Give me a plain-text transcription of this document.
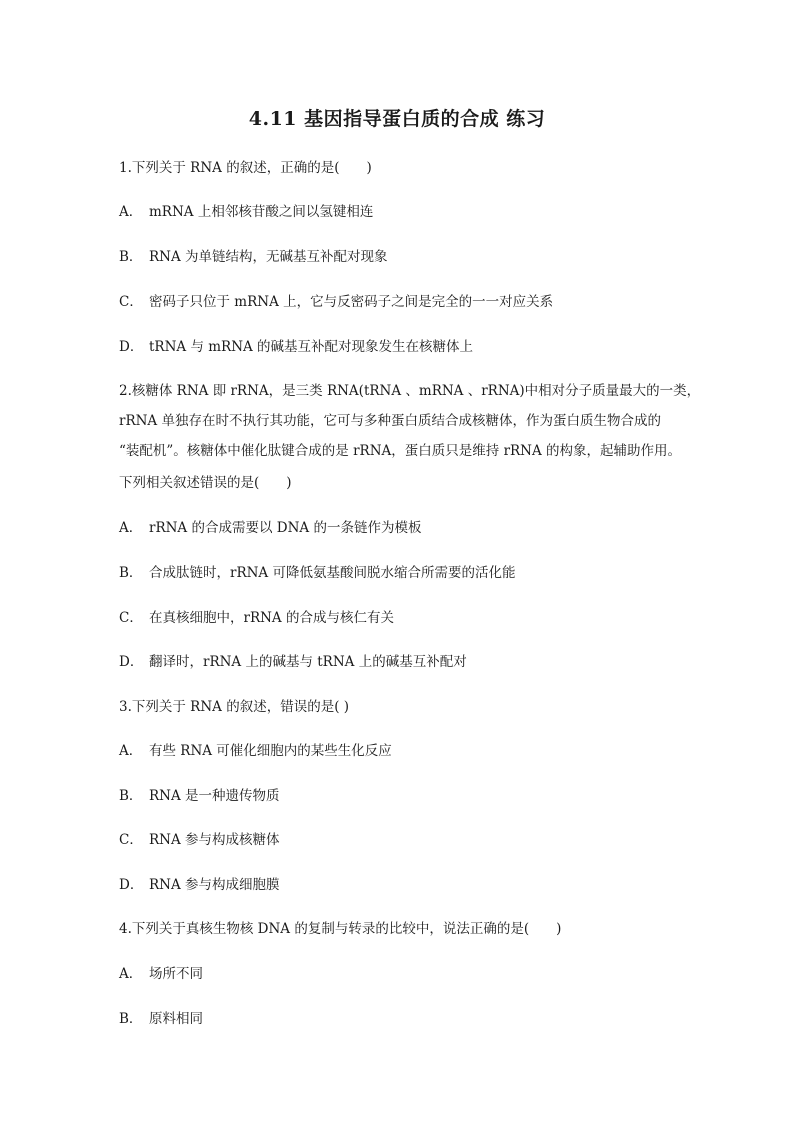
4.11 基因指导蛋白质的合成 练习
1.下列关于 RNA 的叙述，正确的是(　　)
A． mRNA 上相邻核苷酸之间以氢键相连
B． RNA 为单链结构，无碱基互补配对现象
C． 密码子只位于 mRNA 上，它与反密码子之间是完全的一一对应关系
D． tRNA 与 mRNA 的碱基互补配对现象发生在核糖体上
2.核糖体 RNA 即 rRNA，是三类 RNA(tRNA 、mRNA 、rRNA)中相对分子质量最大的一类，
rRNA 单独存在时不执行其功能，它可与多种蛋白质结合成核糖体，作为蛋白质生物合成的
“装配机”。核糖体中催化肽键合成的是 rRNA，蛋白质只是维持 rRNA 的构象，起辅助作用。
下列相关叙述错误的是(　　)
A． rRNA 的合成需要以 DNA 的一条链作为模板
B． 合成肽链时，rRNA 可降低氨基酸间脱水缩合所需要的活化能
C． 在真核细胞中，rRNA 的合成与核仁有关
D． 翻译时，rRNA 上的碱基与 tRNA 上的碱基互补配对
3.下列关于 RNA 的叙述，错误的是( )
A． 有些 RNA 可催化细胞内的某些生化反应
B． RNA 是一种遗传物质
C． RNA 参与构成核糖体
D． RNA 参与构成细胞膜
4.下列关于真核生物核 DNA 的复制与转录的比较中，说法正确的是(　　)
A． 场所不同
B． 原料相同
